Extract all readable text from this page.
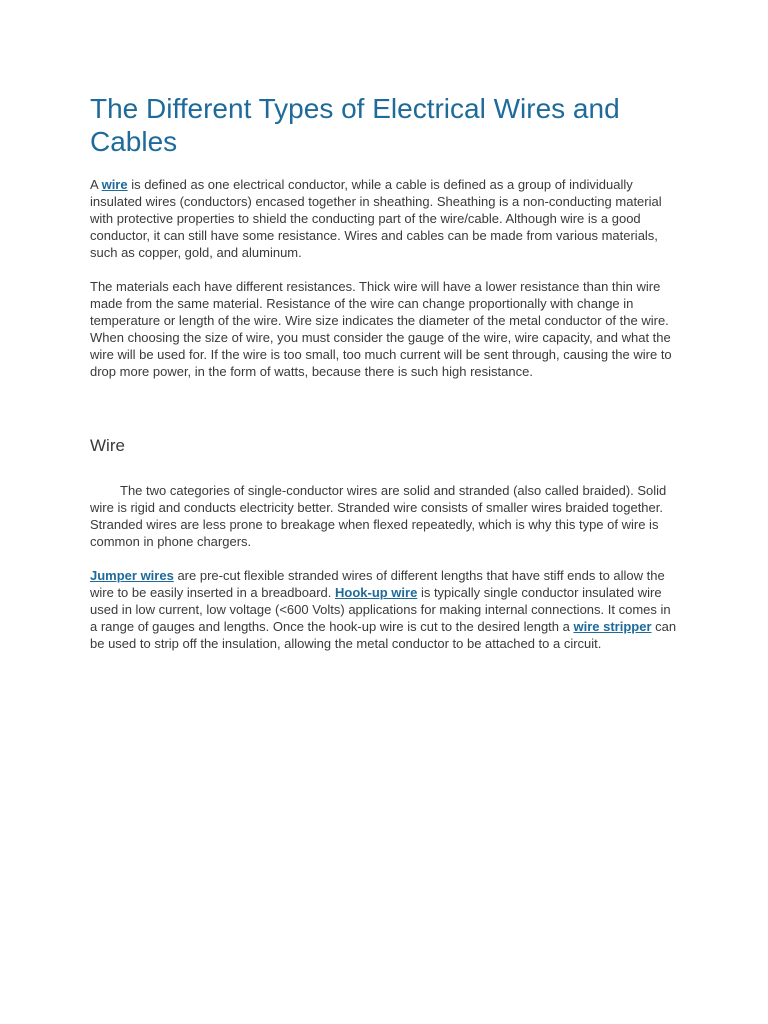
The Different Types of Electrical Wires and Cables

A wire is defined as one electrical conductor, while a cable is defined as a group of individually insulated wires (conductors) encased together in sheathing. Sheathing is a non-conducting material with protective properties to shield the conducting part of the wire/cable. Although wire is a good conductor, it can still have some resistance. Wires and cables can be made from various materials, such as copper, gold, and aluminum.

The materials each have different resistances. Thick wire will have a lower resistance than thin wire made from the same material. Resistance of the wire can change proportionally with change in temperature or length of the wire. Wire size indicates the diameter of the metal conductor of the wire. When choosing the size of wire, you must consider the gauge of the wire, wire capacity, and what the wire will be used for. If the wire is too small, too much current will be sent through, causing the wire to drop more power, in the form of watts, because there is such high resistance.

Wire

The two categories of single-conductor wires are solid and stranded (also called braided). Solid wire is rigid and conducts electricity better. Stranded wire consists of smaller wires braided together. Stranded wires are less prone to breakage when flexed repeatedly, which is why this type of wire is common in phone chargers.

Jumper wires are pre-cut flexible stranded wires of different lengths that have stiff ends to allow the wire to be easily inserted in a breadboard. Hook-up wire is typically single conductor insulated wire used in low current, low voltage (<600 Volts) applications for making internal connections. It comes in a range of gauges and lengths. Once the hook-up wire is cut to the desired length a wire stripper can be used to strip off the insulation, allowing the metal conductor to be attached to a circuit.
